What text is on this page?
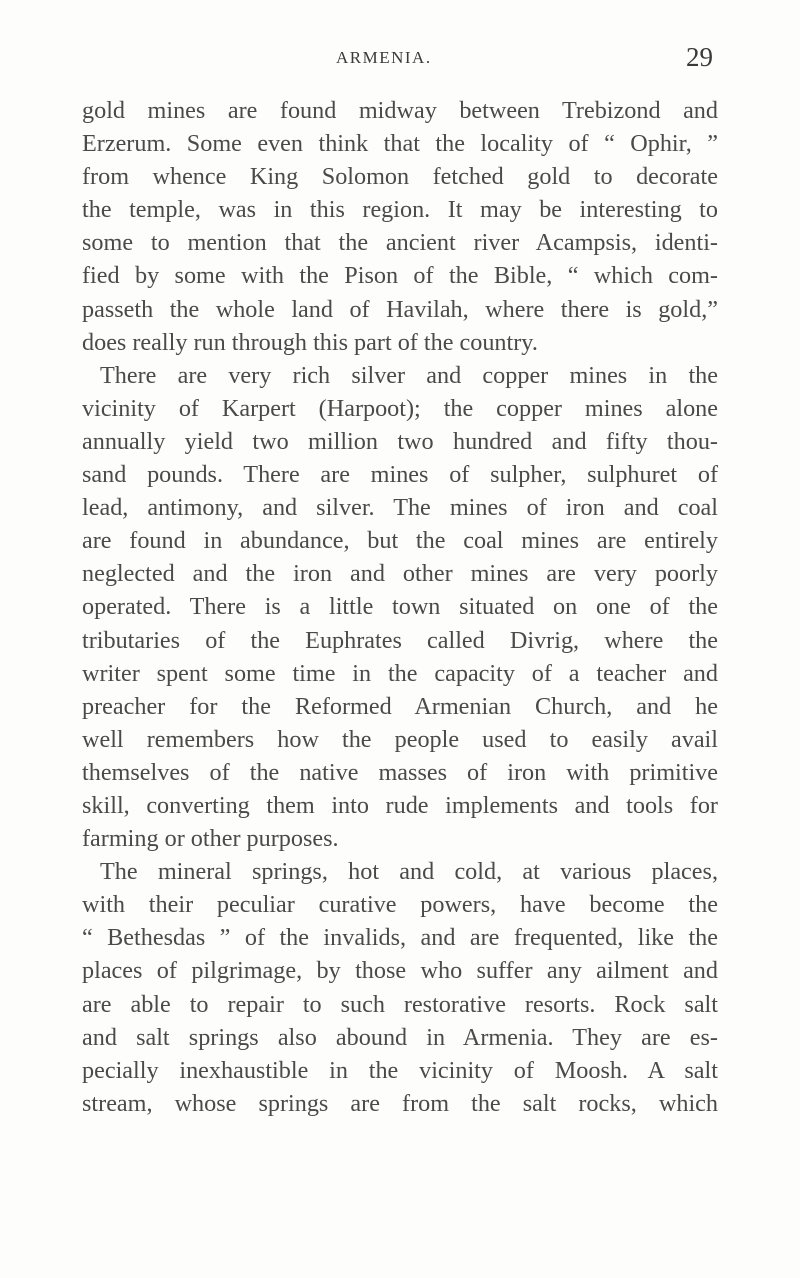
ARMENIA.	29
gold mines are found midway between Trebizond and
Erzerum. Some even think that the locality of “ Ophir, ”
from whence King Solomon fetched gold to decorate
the temple, was in this region. It may be interesting to
some to mention that the ancient river Acampsis, identi-
fied by some with the Pison of the Bible, “ which com-
passeth the whole land of Havilah, where there is gold,”
does really run through this part of the country.
There are very rich silver and copper mines in the
vicinity of Karpert (Harpoot); the copper mines alone
annually yield two million two hundred and fifty thou-
sand pounds. There are mines of sulpher, sulphuret of
lead, antimony, and silver. The mines of iron and coal
are found in abundance, but the coal mines are entirely
neglected and the iron and other mines are very poorly
operated. There is a little town situated on one of the
tributaries of the Euphrates called Divrig, where the
writer spent some time in the capacity of a teacher and
preacher for the Reformed Armenian Church, and he
well remembers how the people used to easily avail
themselves of the native masses of iron with primitive
skill, converting them into rude implements and tools for
farming or other purposes.
The mineral springs, hot and cold, at various places,
with their peculiar curative powers, have become the
“ Bethesdas ” of the invalids, and are frequented, like the
places of pilgrimage, by those who suffer any ailment and
are able to repair to such restorative resorts. Rock salt
and salt springs also abound in Armenia. They are es-
pecially inexhaustible in the vicinity of Moosh. A salt
stream, whose springs are from the salt rocks, which
